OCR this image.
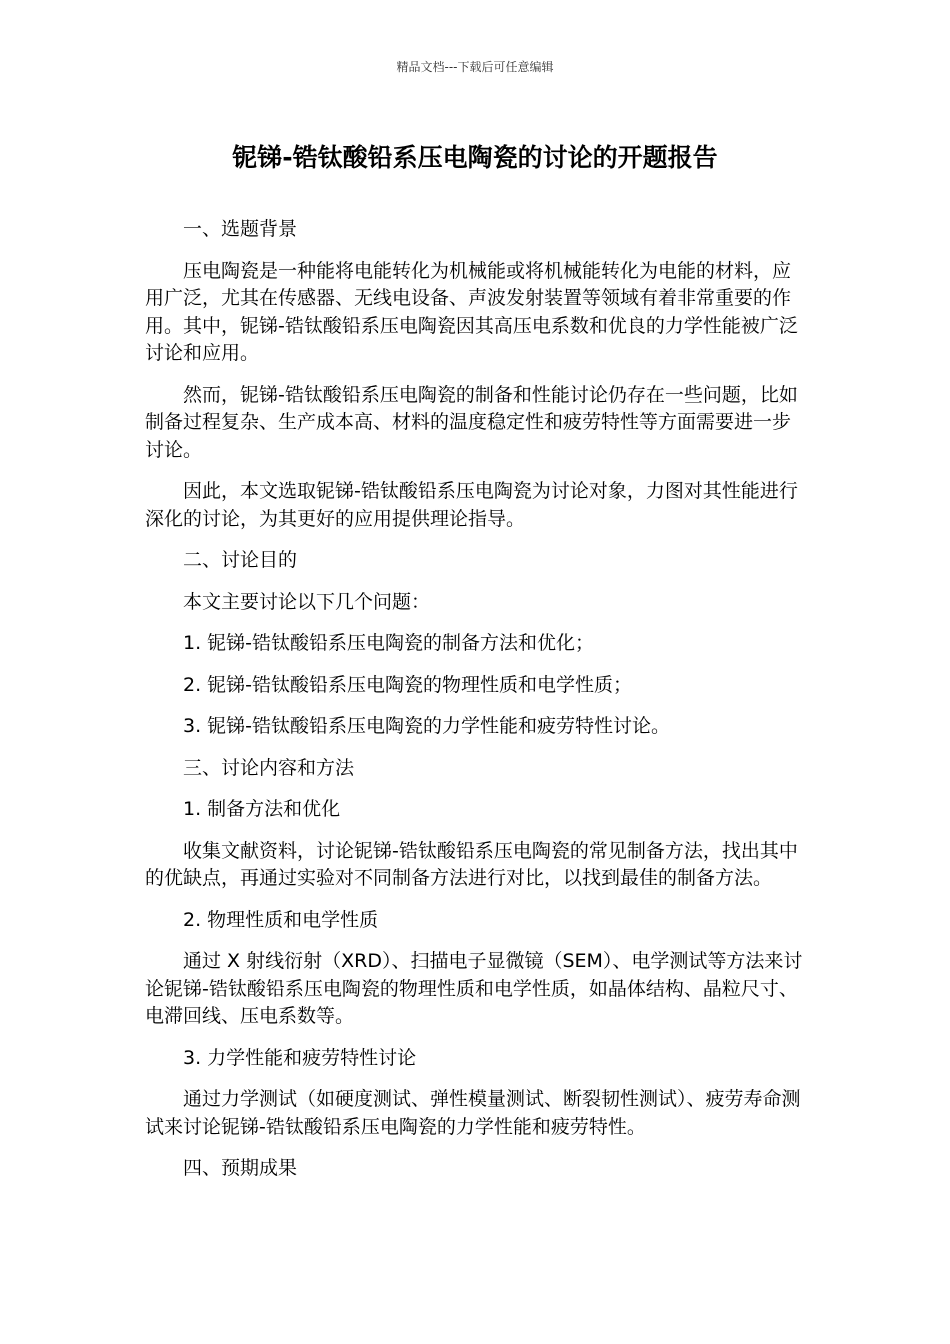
精品文档---下载后可任意编辑
铌锑-锆钛酸铅系压电陶瓷的讨论的开题报告

一、选题背景

压电陶瓷是一种能将电能转化为机械能或将机械能转化为电能的材料，应用广泛，尤其在传感器、无线电设备、声波发射装置等领域有着非常重要的作用。其中，铌锑-锆钛酸铅系压电陶瓷因其高压电系数和优良的力学性能被广泛讨论和应用。

然而，铌锑-锆钛酸铅系压电陶瓷的制备和性能讨论仍存在一些问题，比如制备过程复杂、生产成本高、材料的温度稳定性和疲劳特性等方面需要进一步讨论。

因此，本文选取铌锑-锆钛酸铅系压电陶瓷为讨论对象，力图对其性能进行深化的讨论，为其更好的应用提供理论指导。

二、讨论目的

本文主要讨论以下几个问题：

1. 铌锑-锆钛酸铅系压电陶瓷的制备方法和优化；

2. 铌锑-锆钛酸铅系压电陶瓷的物理性质和电学性质；

3. 铌锑-锆钛酸铅系压电陶瓷的力学性能和疲劳特性讨论。

三、讨论内容和方法

1. 制备方法和优化

收集文献资料，讨论铌锑-锆钛酸铅系压电陶瓷的常见制备方法，找出其中的优缺点，再通过实验对不同制备方法进行对比，以找到最佳的制备方法。

2. 物理性质和电学性质

通过 X 射线衍射（XRD）、扫描电子显微镜（SEM）、电学测试等方法来讨论铌锑-锆钛酸铅系压电陶瓷的物理性质和电学性质，如晶体结构、晶粒尺寸、电滞回线、压电系数等。

3. 力学性能和疲劳特性讨论

通过力学测试（如硬度测试、弹性模量测试、断裂韧性测试）、疲劳寿命测试来讨论铌锑-锆钛酸铅系压电陶瓷的力学性能和疲劳特性。

四、预期成果
